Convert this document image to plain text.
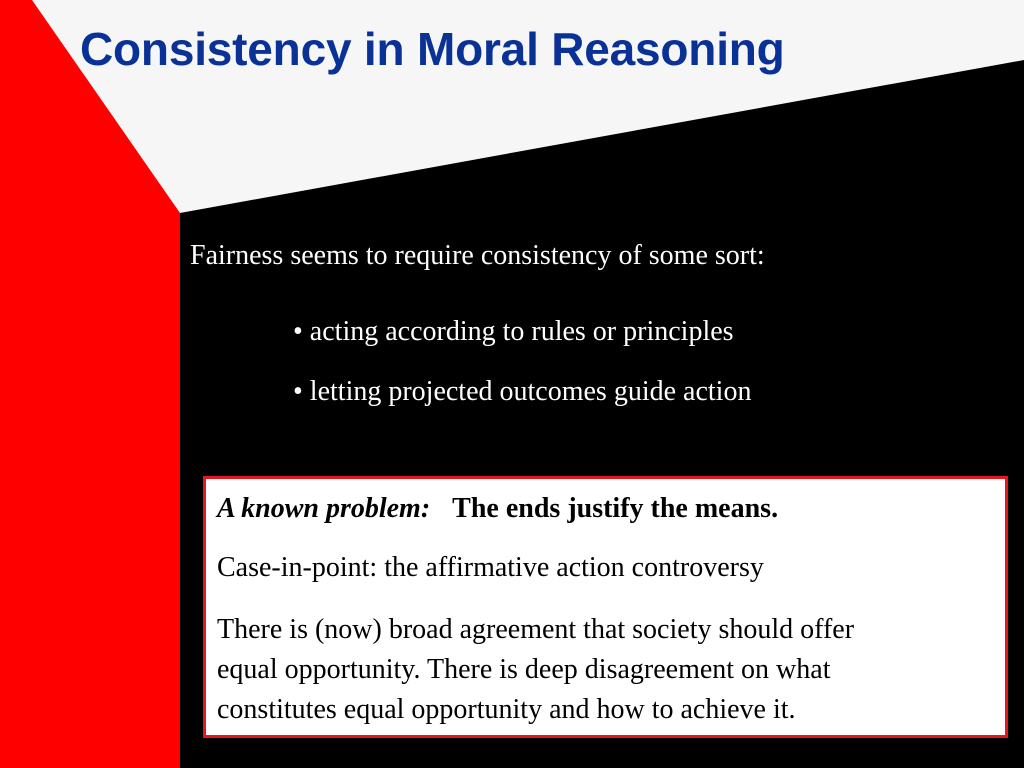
Consistency in Moral Reasoning

Fairness seems to require consistency of some sort:

• acting according to rules or principles
• letting projected outcomes guide action

A known problem: The ends justify the means.

Case-in-point: the affirmative action controversy

There is (now) broad agreement that society should offer

equal opportunity. There is deep disagreement on what

constitutes equal opportunity and how to achieve it.
